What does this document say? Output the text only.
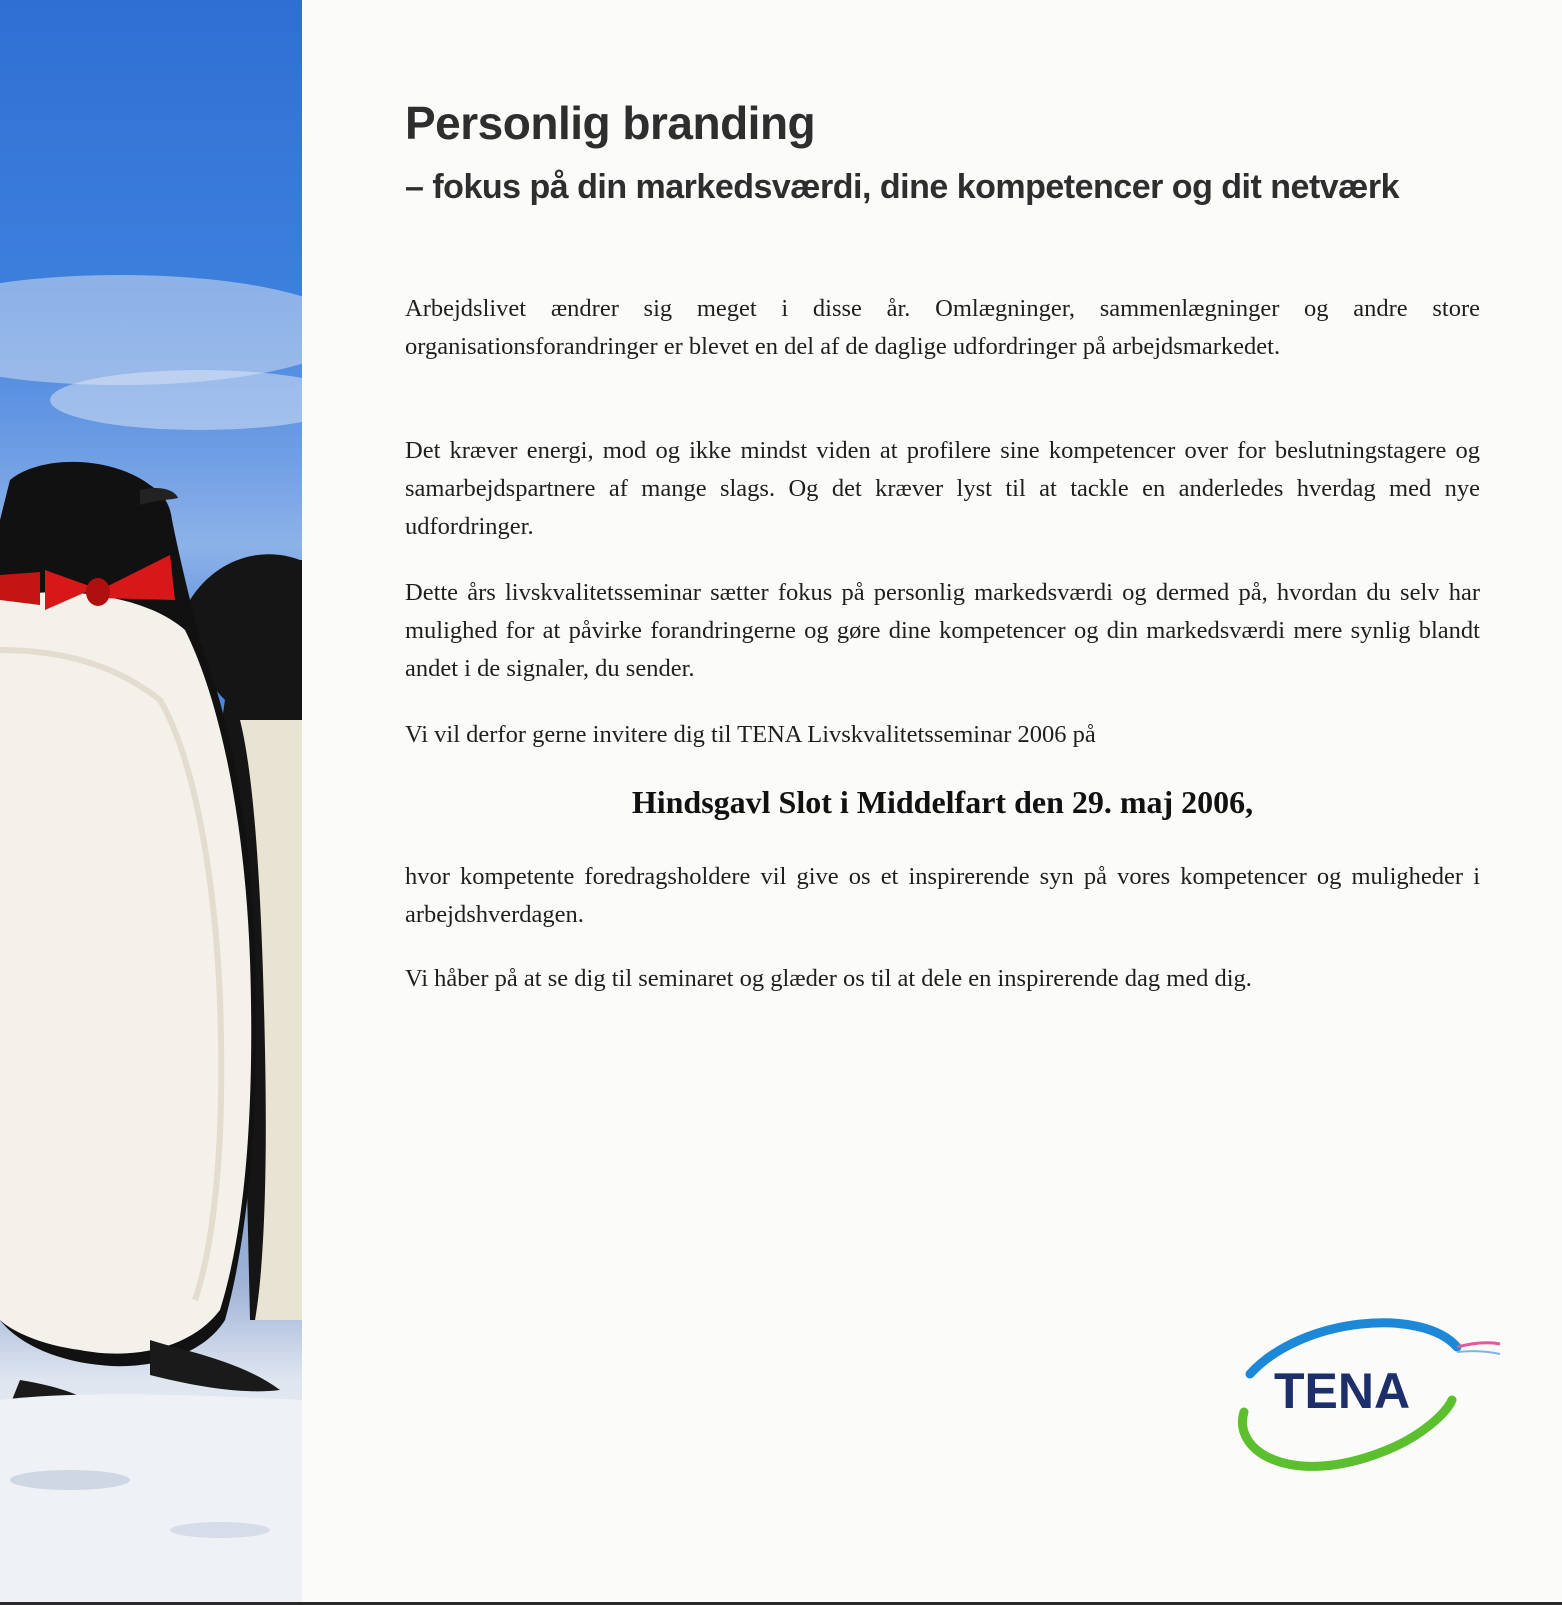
Personlig branding
– fokus på din markedsværdi, dine kompetencer og dit netværk
Arbejdslivet ændrer sig meget i disse år. Omlægninger, sammenlægninger og andre store organisationsforandringer er blevet en del af de daglige udfordringer på arbejdsmarkedet.
Det kræver energi, mod og ikke mindst viden at profilere sine kompetencer over for beslutningstagere og samarbejdspartnere af mange slags. Og det kræver lyst til at tackle en anderledes hverdag med nye udfordringer.
Dette års livskvalitetsseminar sætter fokus på personlig markedsværdi og dermed på, hvordan du selv har mulighed for at påvirke forandringerne og gøre dine kompetencer og din markedsværdi mere synlig blandt andet i de signaler, du sender.
Vi vil derfor gerne invitere dig til TENA Livskvalitetsseminar 2006 på
Hindsgavl Slot i Middelfart den 29. maj 2006,
hvor kompetente foredragsholdere vil give os et inspirerende syn på vores kompetencer og muligheder i arbejdshverdagen.
Vi håber på at se dig til seminaret og glæder os til at dele en inspirerende dag med dig.
TENA
